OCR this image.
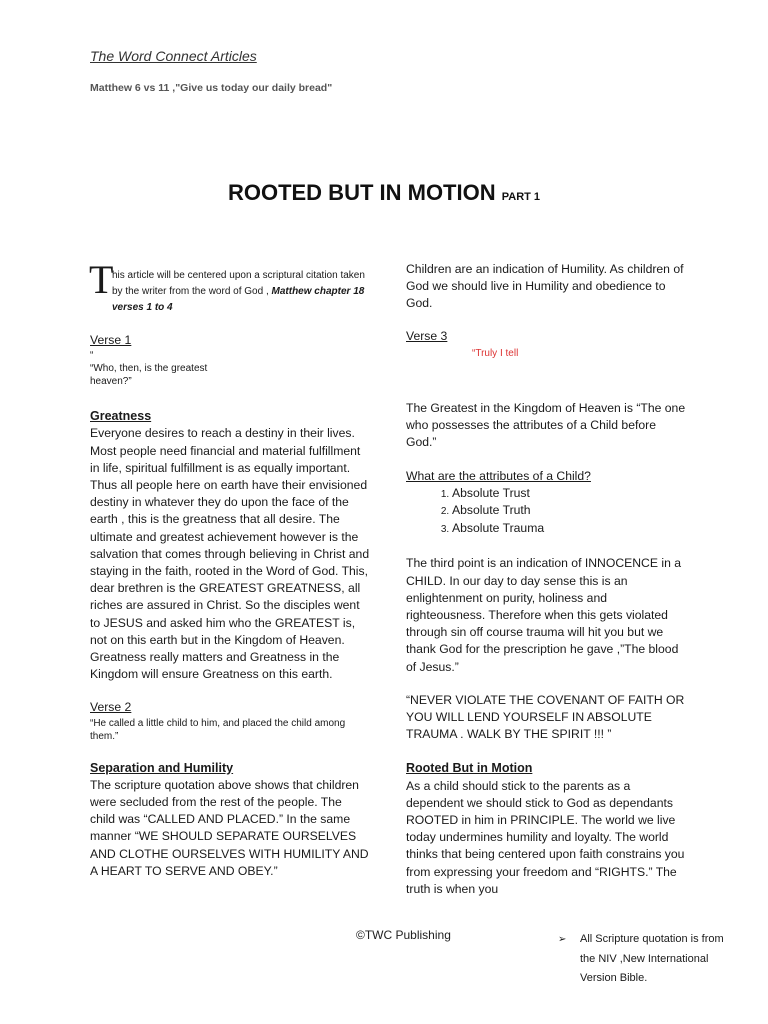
The Word Connect Articles
Matthew 6 vs 11 ,"Give us today our daily bread"
ROOTED BUT IN MOTION PART 1
T
his article will be centered upon a scriptural citation taken by the writer from the word of God , Matthew chapter 18 verses 1 to 4
Verse 1
“
“Who, then, is the greatest heaven?”
Greatness

Everyone desires to reach a destiny in their lives. Most people need financial and material fulfillment in life, spiritual fulfillment is as equally important. Thus all people here on earth have their envisioned destiny in whatever they do upon the face of the earth , this is the greatness that all desire. The ultimate and greatest achievement however is the salvation that comes through believing in Christ and staying in the faith, rooted in the Word of God. This, dear brethren is the GREATEST GREATNESS, all riches are assured in Christ. So the disciples went to JESUS and asked him who the GREATEST is, not on this earth but in the Kingdom of Heaven. Greatness really matters and Greatness in the Kingdom will ensure Greatness on this earth.

Verse 2
“He called a little child to him, and placed the child among them.”
Separation and Humility

The scripture quotation above shows that children were secluded from the rest of the people. The child was “CALLED AND PLACED.” In the same manner “WE SHOULD SEPARATE OURSELVES AND CLOTHE OURSELVES WITH HUMILITY AND A HEART TO SERVE AND OBEY.”

Children are an indication of Humility. As children of God we should live in Humility and obedience to God.

Verse 3
“Truly I tell

The Greatest in the Kingdom of Heaven is “The one who possesses the attributes of a Child before God.”

What are the attributes of a Child?
1. Absolute Trust
2. Absolute Truth
3. Absolute Trauma

The third point is an indication of INNOCENCE in a CHILD. In our day to day sense this is an enlightenment on purity, holiness and righteousness. Therefore when this gets violated through sin off course trauma will hit you but we thank God for the prescription he gave ,”The blood of Jesus.”

“NEVER VIOLATE THE COVENANT OF FAITH OR YOU WILL LEND YOURSELF IN ABSOLUTE TRAUMA . WALK BY THE SPIRIT !!! ”

Rooted But in Motion

As a child should stick to the parents as a dependent we should stick to God as dependants ROOTED in him in PRINCIPLE. The world we live today undermines humility and loyalty. The world thinks that being centered upon faith constrains you from expressing your freedom and “RIGHTS.” The truth is when you

©TWC Publishing	➢	All Scripture quotation is from the NIV ,New International Version Bible.
